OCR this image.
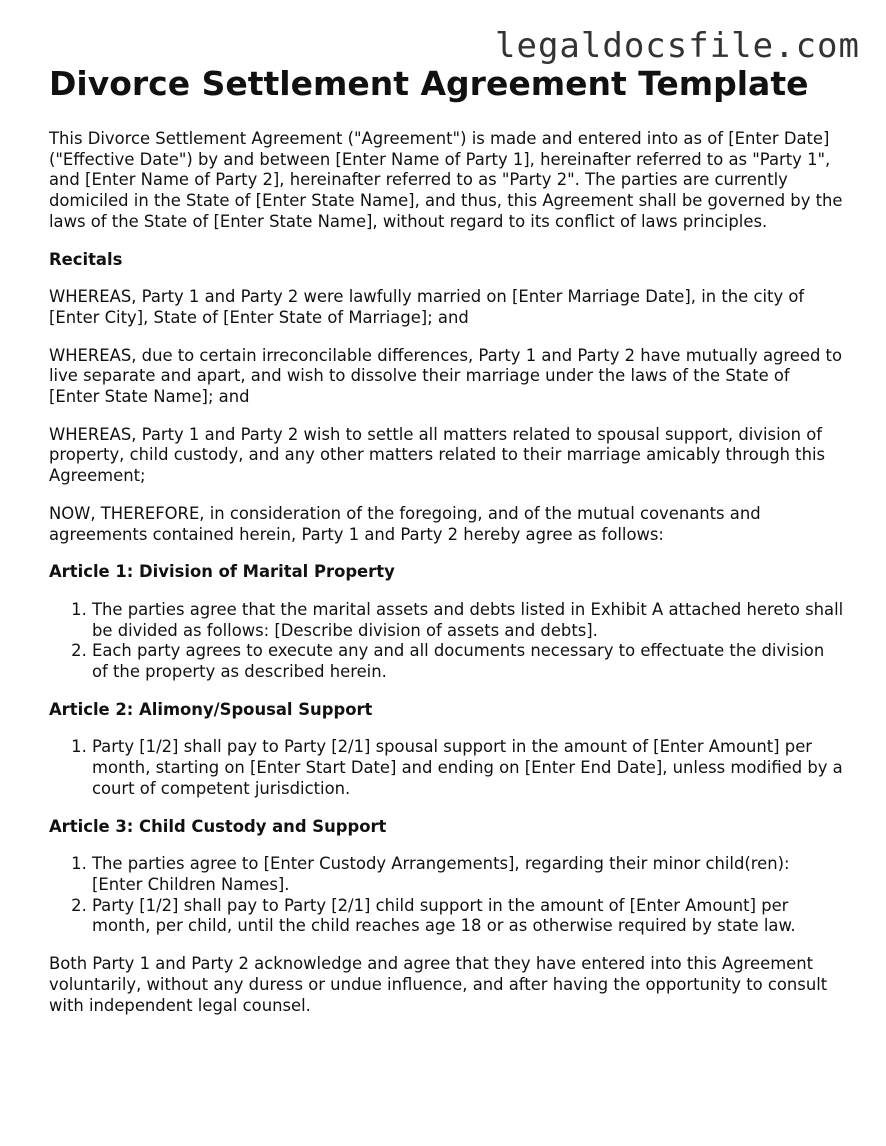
legaldocsfile.com
Divorce Settlement Agreement Template

This Divorce Settlement Agreement ("Agreement") is made and entered into as of [Enter Date] ("Effective Date") by and between [Enter Name of Party 1], hereinafter referred to as "Party 1", and [Enter Name of Party 2], hereinafter referred to as "Party 2". The parties are currently domiciled in the State of [Enter State Name], and thus, this Agreement shall be governed by the laws of the State of [Enter State Name], without regard to its conflict of laws principles.

Recitals

WHEREAS, Party 1 and Party 2 were lawfully married on [Enter Marriage Date], in the city of [Enter City], State of [Enter State of Marriage]; and

WHEREAS, due to certain irreconcilable differences, Party 1 and Party 2 have mutually agreed to live separate and apart, and wish to dissolve their marriage under the laws of the State of [Enter State Name]; and

WHEREAS, Party 1 and Party 2 wish to settle all matters related to spousal support, division of property, child custody, and any other matters related to their marriage amicably through this Agreement;

NOW, THEREFORE, in consideration of the foregoing, and of the mutual covenants and agreements contained herein, Party 1 and Party 2 hereby agree as follows:

Article 1: Division of Marital Property
1. The parties agree that the marital assets and debts listed in Exhibit A attached hereto shall be divided as follows: [Describe division of assets and debts].
2. Each party agrees to execute any and all documents necessary to effectuate the division of the property as described herein.
Article 2: Alimony/Spousal Support
1. Party [1/2] shall pay to Party [2/1] spousal support in the amount of [Enter Amount] per month, starting on [Enter Start Date] and ending on [Enter End Date], unless modified by a court of competent jurisdiction.
Article 3: Child Custody and Support
1. The parties agree to [Enter Custody Arrangements], regarding their minor child(ren): [Enter Children Names].
2. Party [1/2] shall pay to Party [2/1] child support in the amount of [Enter Amount] per month, per child, until the child reaches age 18 or as otherwise required by state law.

Both Party 1 and Party 2 acknowledge and agree that they have entered into this Agreement voluntarily, without any duress or undue influence, and after having the opportunity to consult with independent legal counsel.
